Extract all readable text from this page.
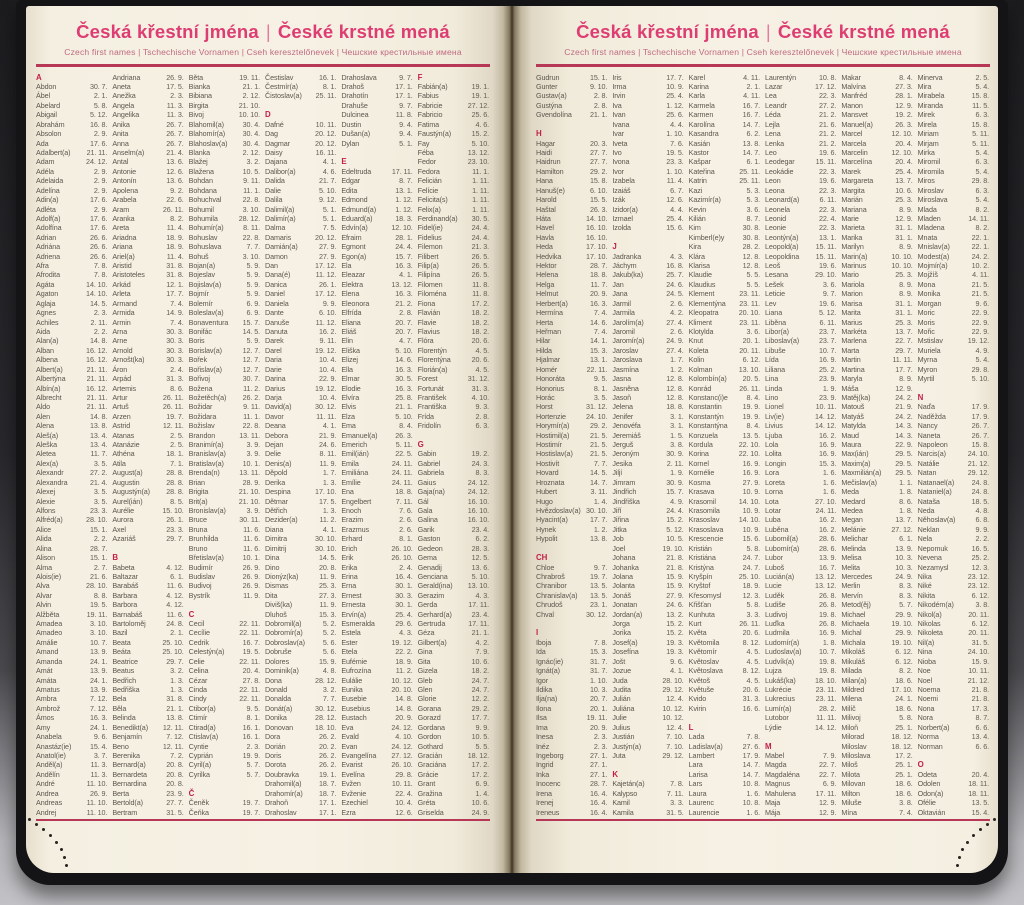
Česká křestní jména | České krstné mená

Czech first names | Tschechische Vornamen | Cseh keresztelőnevek | Чешские крестильные имена

A
Abdon	30. 7.
Ábel	2. 1.
Abelard	5. 8.
Abigail	5. 12.
Abrahám	16. 8.
Absolon	2. 9.
Ada	17. 6.
Adalbert(a) 21. 11.
Adam	24. 12.
Adéla	2. 9.
Adelaida	2. 9.
Adelína	2. 9.
Adin(a)	17. 6.
Adléta	2. 9.
Adolf(a)	17. 6.
Adolfína	17. 6.
Adrian	26. 6.
Adriána	26. 6.
Adriena	26. 6.
Afra	7. 8.
Afrodita	7. 8.
Agáta	14. 10.
Agaton	14. 10.
Aglaja	14. 5.
Agnes	2. 3.
Achiles	2. 11.
Aida	2. 2.
Alan(a)	14. 8.
Alban	16. 12.
Albena	16. 12.
Albert(a)	21. 11.
Albertýna	21. 11.
Albín(a)	16. 12.
Albrecht	21. 11.
Aldo	21. 11.
Alen	14. 8.
Alena	13. 8.
Aleš(a)	13. 4.
Aleška	13. 4.
Aletea	11. 7.
Alex(a)	3. 5.
Alexandr	27. 2.
Alexandra	21. 4.
Alexej	3. 5.
Alexie	3. 5.
Alfons	23. 3.
Alfréd(a)	28. 10.
Alice	15. 1.
Alida	2. 2.
Alina	28. 7.
Alison	15. 1.
Alma	2. 7.
Alois(ie)	21. 6.
Alva	28. 10.
Alvar	8. 8.
Alvin	19. 5.
Alžběta	19. 11.
Amadea	3. 10.
Amadeo	3. 10.
Amálie	10. 7.
Amand	13. 9.
Amanda	24. 1.
Amát	13. 9.
Amáta	24. 1.
Amatus	13. 9.
Ambra	7. 12.
Ambrož	7. 12.
Ámos	16. 3.
Amy	24. 1.
Anabela	9. 6.
Anastáz(ie)	15. 4.
Anatol(ie)	3. 7.
Anděl(a)	11. 3.
Andělín	11. 3.
André	11. 10.
Andrea	26. 9.
Andreas	11. 10.
Andrej	11. 10.
Andriana	26. 9.
Aneta	17. 5.
Anežka	2. 3.
Angela	11. 3.
Angelika	11. 3.
Anika	26. 7.
Anita	26. 7.
Anna	26. 7.
Anselm(a)	21. 4.
Antal	13. 6.
Antonie	12. 6.
Antonín	13. 6.
Apolena	9. 2.
Arabela	22. 6.
Aram	26. 11.
Aranka	8. 2.
Areta	11. 4.
Ariadna	18. 9.
Ariana	18. 9.
Ariel(a)	11. 4.
Aristid	31. 8.
Aristoteles	31. 8.
Arkád	12. 1.
Arleta	17. 7.
Armand	7. 4.
Armida	14. 9.
Armin	7. 4.
Arna	30. 3.
Arne	30. 3.
Arnold	30. 3.
Arnošt(ka)	30. 3.
Áron	2. 4.
Arpád	31. 3.
Artemis	8. 6.
Artur	26. 11.
Artuš	26. 11.
Arzen	19. 7.
Astrid	12. 11.
Atanas	2. 5.
Atanázie	2. 5.
Athéna	18. 1.
Atila	7. 1.
August(a)	28. 8.
Augustin	28. 8.
Augustýn(a) 28. 8.
Aurel(ián)	8. 5.
Aurélie	15. 10.
Aurora	26. 1.
Axel	23. 3.
Azariáš	29. 7.
B
Babeta	4. 12.
Baltazar	6. 1.
Barabáš	11. 6.
Barbara	4. 12.
Barbora	4. 12.
Barnabáš	11. 6.
Bartoloměj	24. 8.
Bazil	2. 1.
Beata	25. 10.
Beáta	25. 10.
Beatrice	29. 7.
Beatus	3. 2.
Bedřich	1. 3.
Bedřiška	1. 3.
Bela	31. 8.
Běla	21. 1.
Belinda	13. 8.
Benedikt(a) 12. 11.
Benjamín	7. 12.
Beno	12. 11.
Berenika	7. 2.
Bernard(a)	20. 8.
Bernardeta	20. 8.
Bernardina	20. 8.
Berta	23. 9.
Bertold(a)	27. 7.
Bertram	31. 5.
Běta	19. 11.
Bianka	21. 1.
Bibiana	2. 12.
Birgita	21. 10.
Bivoj	10. 10.
Blahomil(a)	30. 4.
Blahomír(a) 30. 4.
Blahoslav(a) 30. 4.
Blanka	2. 12.
Blažej	3. 2.
Blažena	10. 5.
Bohdan	9. 11.
Bohdana	11. 1.
Bohuchval	22. 8.
Bohumil	3. 10.
Bohumila	28. 12.
Bohumír(a)	8. 11.
Bohuslav	22. 8.
Bohuslava	7. 7.
Bohuš	3. 10.
Bojan(a)	5. 9.
Bojeslav	5. 9.
Bojislav(a)	5. 9.
Bojmír	5. 9.
Bolemír	6. 9.
Boleslav(a)	6. 9.
Bonaventura 15. 7.
Bonifác	14. 5.
Boris	5. 9.
Borislav(a)	12. 7.
Bořek	12. 7.
Bořislav(a)	12. 7.
Bořivoj	30. 7.
Božena	11. 2.
Božetěch(a) 26. 2.
Božidar	9. 11.
Božidara	11. 1.
Božislav	22. 8.
Brandon	13. 11.
Branimír(a)	3. 9.
Branislav(a)	3. 9.
Bratislav(a)	10. 1.
Brenda(n)	13. 11.
Brian	28. 9.
Brigita	21. 10.
Brit(a)	21. 10.
Bronislav(a)	3. 9.
Bruce	30. 11.
Bruna	11. 6.
Brunhilda	11. 6.
Bruno	11. 6.
Břetislav(a)	10. 1.
Budimír	26. 9.
Budislav	26. 9.
Budivoj	26. 9.
Bystrík	11. 9.
C
Cecil	22. 11.
Cecílie	22. 11.
Cedrik	16. 7.
Celestýn(a)	19. 5.
Celie	22. 11.
Celina	20. 4.
Cézar	27. 8.
Cinda	22. 11.
Cindy	22. 11.
Ctibor(a)	9. 5.
Ctimír	8. 1.
Ctirad(a)	16. 1.
Ctislav(a)	16. 1.
Cyntie	2. 3.
Cyprián	19. 9.
Cyril(a)	5. 7.
Cyrilka	5. 7.
Č
Čeněk	19. 7.
Čeňka	19. 7.
Čestislav	16. 1.
Čestmír(a)	8. 1.
Čistoslav(a) 25. 11.
D
Dafné	10. 11.
Dag	20. 12.
Dagmar	20. 12.
Daisy	16. 11.
Dajana	4. 1.
Dalibor(a)	4. 6.
Dalida	21. 7.
Dalie	5. 10.
Dalila	9. 12.
Dalimil(a)	5. 1.
Dalimír(a)	5. 1.
Dalma	7. 5.
Damaris	20. 12.
Damián(a)	27. 9.
Damon	27. 9.
Dan	17. 12.
Dana(é)	11. 12.
Danica	26. 1.
Daniel	17. 12.
Daniela	9. 9.
Dante	6. 10.
Danuše	11. 12.
Danuta	16. 2.
Darek	9. 11.
Darel	19. 12.
Daria	10. 4.
Darie	10. 4.
Darina	22. 9.
Darius	19. 12.
Darja	10. 4.
David(a)	30. 12.
Davor	11. 11.
Deana	4. 1.
Debora	21. 9.
Dejan	24. 6.
Delie	8. 11.
Denis(a)	11. 9.
Děpold	1. 7.
Derika	1. 3.
Despina	17. 10.
Dětmar	17. 5.
Dětřich	1. 3.
Dezider(a)	11. 2.
Diana	4. 1.
Dimitra	30. 10.
Dimitrij	30. 10.
Dina	14. 5.
Dino	20. 8.
Dionýz(ka)	11. 9.
Dismas	25. 3.
Dita	27. 3.
Diviš(ka)	11. 9.
Dluhoš	15. 3.
Dobromil(a)	5. 2.
Dobromír(a)	5. 2.
Dobroslav(a) 5. 6.
Dobruše	5. 6.
Dolores	15. 9.
Dominik(a)	4. 8.
Dona	28. 12.
Donald	3. 2.
Donalda	7. 7.
Donát(a)	30. 12.
Donika	28. 12.
Donovan	18. 10.
Dora	26. 2.
Dorián	20. 2.
Doris	26. 2.
Dorota	26. 2.
Doubravka	19. 1.
Drahomil(a) 18. 7.
Drahomír(a) 18. 7.
Drahoň	17. 1.
Drahoslav	17. 1.
Drahoslava	9. 7.
Drahoš	17. 1.
Drahotín	17. 1.
Drahuše	9. 7.
Dulcinea	11. 8.
Dustin	9. 4.
Dušan(a)	9. 4.
Dylan	5. 1.
E
Edeltruda	17. 11.
Edgar	8. 7.
Edita	13. 1.
Edmond	1. 12.
Edmund(a)	1. 12.
Eduard(a)	18. 3.
Edvín(a)	12. 10.
Efraim	28. 1.
Egmont	24. 4.
Egon(a)	15. 7.
Ela	16. 3.
Eleazar	4. 1.
Elektra	13. 12.
Elena	16. 3.
Eleonora	21. 2.
Elfrída	2. 8.
Eliana	20. 7.
Eliáš	20. 7.
Elin	4. 7.
Eliška	5. 10.
Elizej	14. 6.
Ella	16. 3.
Elmar	30. 5.
Elodie	16. 3.
Elvíra	25. 8.
Elvis	21. 1.
Elza	5. 10.
Ema	8. 4.
Emanuel(a) 26. 3.
Emerich	5. 11.
Emil(ián)	22. 5.
Emila	24. 11.
Emiliána	24. 11.
Emílie	24. 11.
Ena	18. 8.
Engelbert	7. 11.
Enoch	7. 6.
Erazim	2. 6.
Erazmus	2. 6.
Erhard	8. 1.
Erich	26. 10.
Erik	26. 10.
Erika	2. 4.
Erina	16. 4.
Erna	30. 1.
Ernest	30. 3.
Ernesta	30. 1.
Ervín(a)	25. 4.
Esmeralda	29. 6.
Estela	4. 3.
Ester	19. 12.
Etela	22. 2.
Eufémie	18. 9.
Eufrozína	11. 2.
Eulálie	10. 12.
Eunika	20. 10.
Eusebie	14. 8.
Eusebius	14. 8.
Eustach	20. 9.
Eva	24. 12.
Evald	4. 10.
Evan	24. 12.
Evangelína 27. 12.
Evarist	26. 10.
Evelína	29. 8.
Evžen	10. 11.
Evženie	22. 4.
Ezechiel	10. 4.
Ezra	12. 6.
F
Fabián(a)	19. 1.
Fabius	19. 1.
Fabricie	27. 12.
Fabricio	25. 6.
Fatima	4. 6.
Faustýn(a)	15. 2.
Fay	5. 10.
Féba	13. 12.
Fedor	23. 10.
Fedora	11. 1.
Felicián	1. 11.
Felície	1. 11.
Felicita(s)	1. 11.
Felix(a)	1. 11.
Ferdinand(a) 30. 5.
Fidel(ie)	24. 4.
Fidelius	24. 4.
Filemon	21. 3.
Filibert	26. 5.
Filip(a)	26. 5.
Filipína	26. 5.
Filomen	11. 8.
Filoména	11. 8.
Fiona	17. 2.
Flavián	18. 2.
Flavie	18. 2.
Flavius	18. 2.
Flóra	20. 6.
Florentýn	4. 5.
Florentýna	20. 6.
Florián(a)	4. 5.
Forest	31. 12.
Fortunát	31. 3.
František	4. 10.
Františka	9. 3.
Frída	2. 8.
Fridolín	6. 3.
G
Gabin	19. 2.
Gabriel	24. 3.
Gabriela	8. 3.
Gaius	24. 12.
Gaja(na)	24. 12.
Gál	16. 10.
Gala	16. 10.
Galina	16. 10.
Garik	23. 4.
Gaston	6. 2.
Gedeon	28. 3.
Gema	12. 5.
Genadij	13. 6.
Genciana	5. 10.
Gerald(ina) 13. 10.
Gerazim	4. 3.
Gerda	17. 11.
Gerhard(a)	23. 4.
Gertruda	17. 11.
Géza	21. 1.
Gilbert(a)	4. 2.
Gina	7. 9.
Gita	10. 6.
Gizela	18. 2.
Gleb	24. 7.
Glen	24. 7.
Glorie	12. 2.
Gorana	29. 2.
Gorazd	17. 7.
Gordana	9. 9.
Gordon	10. 5.
Gothard	5. 5.
Gracián	18. 12.
Graciána	17. 2.
Grácie	17. 2.
Grant	6. 9.
Gražina	1. 4.
Gréta	10. 6.
Griselda	24. 9.
Česká křestní jména | České krstné mená

Czech first names | Tschechische Vornamen | Cseh keresztelőnevek | Чешские крестильные имена

Gudrun	15. 1.
Gunter	9. 10.
Gustav(a)	2. 8.
Gustýna	2. 8.
Gvendolína	21. 1.
H
Hagar	20. 3.
Haidi	27. 7.
Haidrun	27. 7.
Hamilton	29. 2.
Hana	15. 8.
Hanuš(e)	6. 10.
Harold	15. 5.
Haštal	26. 3.
Háta	14. 10.
Havel	16. 10.
Havla	16. 10.
Heda	17. 10.
Hedvika	17. 10.
Hektor	28. 7.
Helena	18. 8.
Helga	11. 7.
Helmut	20. 9.
Herbert(a)	16. 3.
Hermína	7. 4.
Herta	14. 6.
Heřman	7. 4.
Hilar	14. 1.
Hilda	15. 3.
Hjalmar	13. 1.
Homér	22. 11.
Honoráta	9. 5.
Honorius	8. 1.
Horác	3. 5.
Horst	31. 12.
Hortenzie	24. 10.
Horymír(a)	29. 2.
Hostimil(a)	21. 5.
Hostimír	21. 5.
Hostislav(a) 21. 5.
Hostivít	7. 7.
Hovard	14. 5.
Hroznata	14. 7.
Hubert	3. 11.
Hugo	1. 4.
Hvězdoslav(a) 30. 10.
Hyacint(a)	17. 7.
Hynek	1. 2.
Hypolit	13. 8.
CH
Chloe	9. 7.
Chrabroš	19. 7.
Chranibor	13. 5.
Chranislav(a) 13. 5.
Chrudoš	23. 1.
Chval	30. 12.
I
Iboja	7. 8.
Ida	15. 3.
Ignác(ie)	31. 7.
Ignát(a)	31. 7.
Igor	1. 10.
Ildika	10. 3.
Ilja(na)	20. 7.
Ilona	20. 1.
Ilsa	19. 11.
Ima	20. 9.
Inesa	2. 3.
Inéz	2. 3.
Ingeborg	27. 1.
Ingrid	27. 1.
Inka	27. 1.
Inocenc	28. 7.
Irena	16. 4.
Irenej	16. 4.
Ireneus	16. 4.
Iris	17. 7.
Irma	10. 9.
Irvin	25. 4.
Iva	1. 12.
Ivan	25. 6.
Ivana	4. 4.
Ivar	1. 10.
Iveta	7. 6.
Ivo	19. 5.
Ivona	23. 3.
Ivor	1. 10.
Izabela	11. 4.
Izaiáš	6. 7.
Izák	12. 6.
Izidor(a)	4. 4.
Izmael	25. 4.
Izolda	15. 6.
J
Jadranka	4. 3.
Jáchym	16. 8.
Jakub(ka)	25. 7.
Jan	24. 6.
Jana	24. 5.
Jarmil	2. 6.
Jarmila	4. 2.
Jarolím(a)	27. 4.
Jaromil	2. 6.
Jaromír(a)	24. 9.
Jaroslav	27. 4.
Jaroslava	1. 7.
Jasmína	1. 2.
Jasna	12. 8.
Jasněna	12. 8.
Jasoň	12. 8.
Jelena	18. 8.
Jenifer	3. 1.
Jenovéfa	3. 1.
Jeremiáš	1. 5.
Jerguš	3. 8.
Jeroným	30. 9.
Jesika	2. 11.
Jiljí	1. 9.
Jimram	30. 9.
Jindřich	15. 7.
Jindřiška	4. 9.
Jiří	24. 4.
Jiřina	15. 2.
Jitka	5. 12.
Job	10. 5.
Joel	19. 10.
Johana	21. 8.
Johanka	21. 8.
Jolana	15. 9.
Jolanta	15. 9.
Jonáš	27. 9.
Jonatan	24. 6.
Jordan(a)	13. 2.
Jorga	15. 2.
Jorika	15. 2.
Josef(a)	19. 3.
Josefína	19. 3.
Jošt	9. 6.
Jozue	4. 1.
Juda	28. 10.
Judita	29. 12.
Julián	12. 4.
Juliána	10. 12.
Julie	10. 12.
Julius	12. 4.
Justián	7. 10.
Justýn(a)	7. 10.
Juta	29. 12.
K
Kajetán(a)	7. 8.
Kalypso	7. 11.
Kamil	3. 3.
Kamila	31. 5.
Karel	4. 11.
Karina	2. 1.
Karla	4. 11.
Karmela	16. 7.
Karmen	16. 7.
Karolína	14. 7.
Kasandra	6. 2.
Kasián	13. 8.
Kastor	14. 7.
Kašpar	6. 1.
Kateřina	25. 11.
Katrin	25. 11.
Kazi	5. 3.
Kazimír(a)	5. 3.
Kevin	3. 6.
Kilián	8. 7.
Kim	30. 8.
Kimberl(e)y	30. 8.
Kira	28. 2.
Klára	12. 8.
Klarisa	12. 8.
Klaudie	5. 5.
Klaudius	5. 5.
Klement	23. 11.
Klementýna 23. 11.
Kleopatra	20. 10.
Kliment	23. 11.
Klotylda	3. 6.
Knut	20. 1.
Koleta	20. 11.
Kolin	6. 12.
Kolman	13. 10.
Kolombín(a) 20. 5.
Konrád	26. 11.
Konstanc(i)e	8. 4.
Konstantin	19. 9.
Konstantýn	19. 9.
Konstantýna	8. 4.
Konzuela	13. 5.
Kordula	22. 10.
Korina	22. 10.
Kornel	16. 9.
Kornélie	16. 9.
Kosma	27. 9.
Krasava	10. 9.
Krasomil	14. 10.
Krasomila	10. 9.
Krasoslav	14. 10.
Krasoslava	10. 9.
Krescencie	15. 6.
Kristián	5. 8.
Kristiána	24. 7.
Kristýna	24. 7.
Kryšpín	25. 10.
Kryštof	18. 9.
Křesomysl	12. 3.
Křišťan	5. 8.
Kunhuta	3. 3.
Kurt	26. 11.
Květa	20. 6.
Květomila	8. 12.
Květomír	4. 5.
Květoslav	4. 5.
Květoslava	8. 12.
Květoš	4. 5.
Květuše	20. 6.
Kvido	31. 3.
Kvirin	16. 6.
L
Lada	7. 8.
Ladislav(a)	27. 6.
Lambert	17. 9.
Lara	14. 7.
Larisa	14. 7.
Lars	10. 8.
Laura	1. 6.
Laurenc	10. 8.
Laurencie	1. 6.
Laurentýn	10. 8.
Lazar	17. 12.
Lea	22. 3.
Leandr	27. 2.
Léda	21. 2.
Lejla	21. 6.
Lena	21. 2.
Lenka	21. 2.
Leo	19. 6.
Leodegar	15. 11.
Leokádie	22. 3.
Leon	19. 6.
Leona	22. 3.
Leonard(a)	6. 11.
Leonela	22. 3.
Leonid	22. 4.
Leonie	22. 3.
Leontýn(a)	13. 1.
Leopold(a) 15. 11.
Leopoldina 15. 11.
Leoš	19. 6.
Lesana	29. 10.
Lešek	3. 6.
Leticie	9. 7.
Lev	19. 6.
Liana	5. 12.
Liběna	6. 11.
Libor(a)	23. 7.
Liboslav(a)	23. 7.
Libuše	10. 7.
Lída	16. 9.
Liliana	25. 2.
Lina	23. 9.
Linda	1. 9.
Lino	23. 9.
Lionel	10. 11.
Liv(ie)	14. 12.
Livius	14. 12.
Ljuba	16. 2.
Lola	16. 9.
Lolita	16. 9.
Longin	15. 3.
Lora	1. 6.
Loreta	1. 6.
Lorna	1. 6.
Lota	27. 10.
Lotar	24. 11.
Luba	16. 2.
Luběna	16. 2.
Lubomil(a)	28. 6.
Lubomír(a)	28. 6.
Lubor	13. 9.
Luboš	16. 7.
Lucián(a)	13. 12.
Lucie	13. 12.
Luděk	26. 8.
Ludiše	26. 8.
Ludivoj	19. 8.
Luďka	26. 8.
Ludmila	16. 9.
Ludomír(a)	1. 8.
Ludoslav(a) 10. 7.
Ludvík(a)	19. 8.
Lujza	19. 8.
Lukáš(ka)	18. 10.
Lukrécie	23. 11.
Lukrecius	23. 11.
Lumír(a)	28. 2.
Lutobor	11. 11.
Lýdie	14. 12.
M
Mabel	7. 9.
Magda	22. 7.
Magdaléna	22. 7.
Magnus	6. 9.
Mahulena	17. 11.
Maja	12. 9.
Mája	12. 9.
Makar	8. 4.
Malvína	27. 3.
Manfréd	28. 1.
Manon	12. 9.
Mansvet	19. 2.
Manuel(a)	26. 3.
Marcel	12. 10.
Marcela	20. 4.
Marcelin	12. 10.
Marcelína	20. 4.
Marek	25. 4.
Margareta	13. 7.
Margita	10. 6.
Marián	25. 3.
Mariana	8. 9.
Marie	12. 9.
Marieta	31. 1.
Marika	31. 1.
Marilyn	8. 9.
Marin(a)	10. 10.
Marinus	10. 10.
Mario	25. 3.
Mariola	8. 9.
Marion	8. 9.
Marisa	31. 1.
Marita	31. 1.
Marius	25. 3.
Markéta	13. 7.
Marlena	22. 7.
Marta	29. 7.
Martin	11. 11.
Martina	17. 7.
Maryla	8. 9.
Máša	12. 9.
Matěj(ka)	24. 2.
Matouš	21. 9.
Matyáš	24. 2.
Matylda	14. 3.
Maud	14. 3.
Maura	22. 9.
Max(ián)	29. 5.
Maxim(a)	29. 5.
Maxmilián(a) 29. 5.
Mečislav(a)	1. 1.
Meda	1. 8.
Medard	8. 6.
Medea	1. 8.
Megan	13. 7.
Melánie	27. 12.
Melichar	6. 1.
Melinda	13. 9.
Melisa	10. 3.
Melita	10. 3.
Mercedes	24. 9.
Merlin	8. 3.
Mervín	8. 3.
Metod(ěj)	5. 7.
Michael	29. 9.
Michaela	19. 10.
Michal	29. 9.
Michala	19. 10.
Mikoláš	6. 12.
Mikuláš	6. 12.
Milada	8. 2.
Milan(a)	18. 6.
Mildred	17. 10.
Milena	24. 1.
Milíč	18. 6.
Milivoj	5. 8.
Miloň	25. 1.
Milorad	18. 12.
Miloslav	18. 12.
Miloslava	17. 2.
Miloš	25. 1.
Milota	25. 1.
Milovan	18. 6.
Milton	18. 6.
Miluše	3. 8.
Mína	7. 4.
Minerva	2. 5.
Mira	5. 4.
Mirabela	15. 8.
Miranda	11. 5.
Mirek	6. 3.
Mirela	15. 8.
Miriam	5. 11.
Mirjam	5. 11.
Mirka	5. 4.
Miromil	6. 3.
Miromila	5. 4.
Miros	29. 8.
Miroslav	6. 3.
Miroslava	5. 4.
Mlada	8. 2.
Mladen	14. 11.
Mladena	8. 2.
Mnata	22. 1.
Mnislav(a)	22. 1.
Modest(a)	24. 2.
Mojmír(a)	10. 2.
Mojžíš	4. 11.
Mona	21. 5.
Monika	21. 5.
Morgan	9. 6.
Moric	22. 9.
Moris	22. 9.
Mořic	22. 9.
Mstislav	19. 12.
Muriela	4. 9.
Myrna	5. 4.
Myron	29. 8.
Myrtil	5. 10.
N
Naďa	17. 9.
Naděžda	17. 9.
Nancy	26. 7.
Naneta	26. 7.
Napoleon	15. 8.
Narcis(a)	24. 10.
Natálie	21. 12.
Natan	29. 12.
Natanael(a) 24. 8.
Nataniel(a)	24. 8.
Nataša	18. 5.
Neda	4. 8.
Něhoslav(a)	6. 8.
Neklan	9. 9.
Nela	2. 2.
Nepomuk	16. 5.
Nevena	25. 2.
Nezamysl	12. 3.
Nika	23. 12.
Niké	23. 12.
Nikita	6. 12.
Nikodém(a)	3. 8.
Nikol(a)	20. 11.
Nikolas	6. 12.
Nikoleta	20. 11.
Nil(a)	31. 5.
Nina	24. 10.
Nioba	15. 9.
Noe	10. 11.
Noel	21. 12.
Noema	21. 8.
Noemi	21. 8.
Nona	17. 3.
Nora	8. 7.
Norbert(a)	6. 6.
Norma	13. 4.
Norman	6. 6.
O
Odeta	20. 4.
Odolen	18. 11.
Odon(a)	18. 11.
Ofélie	13. 5.
Oktavián	15. 4.
